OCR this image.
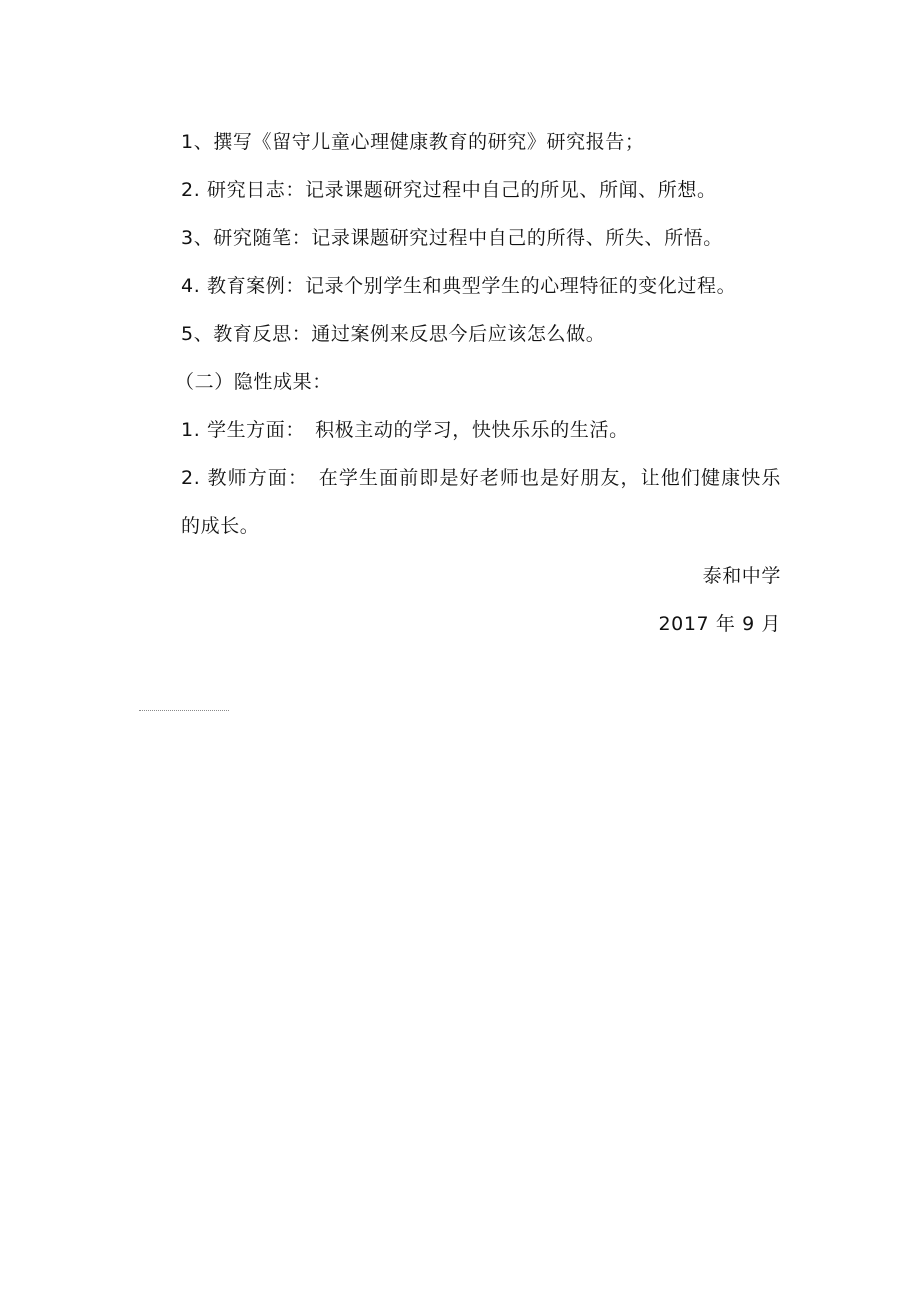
1、撰写《留守儿童心理健康教育的研究》研究报告；
2. 研究日志：记录课题研究过程中自己的所见、所闻、所想。
3、研究随笔：记录课题研究过程中自己的所得、所失、所悟。
4. 教育案例：记录个别学生和典型学生的心理特征的变化过程。
5、教育反思：通过案例来反思今后应该怎么做。
（二）隐性成果：
1. 学生方面：　积极主动的学习，快快乐乐的生活。
2. 教师方面：　在学生面前即是好老师也是好朋友，让他们健康快乐的成长。
泰和中学
2017 年 9 月
